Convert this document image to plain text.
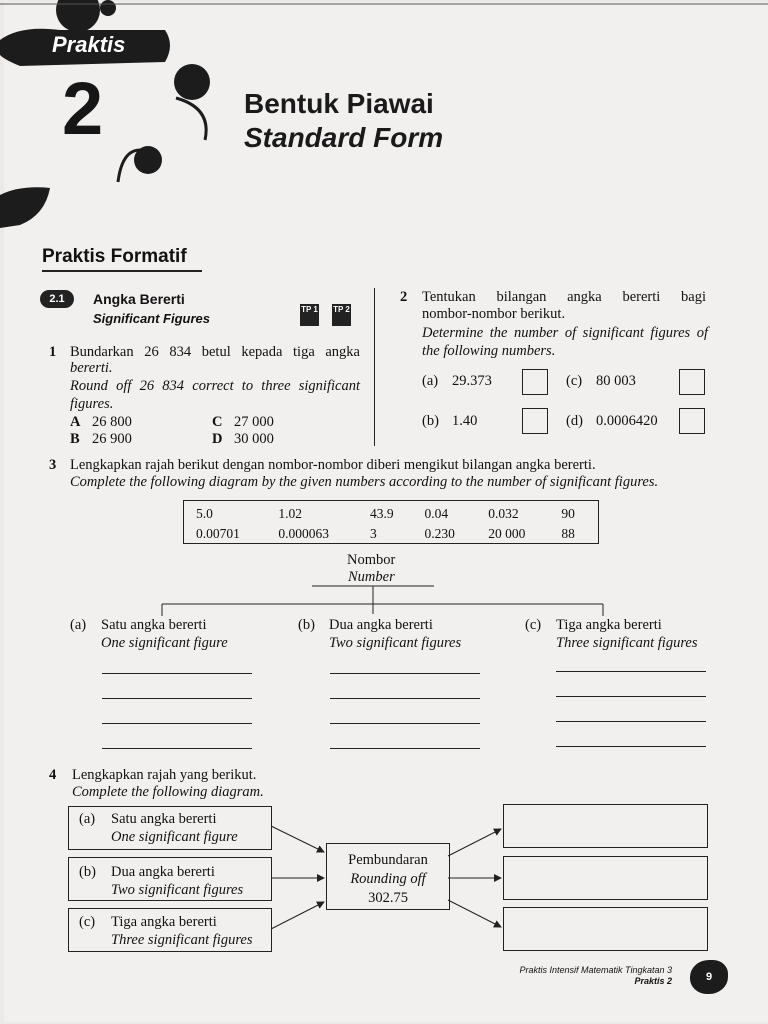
Praktis
2	Bentuk Piawai
Standard Form
Praktis Formatif
2.1	Angka Bererti
Significant Figures
TP 1 TP 2
1 Bundarkan 26 834 betul kepada tiga angka
bererti.
Round off 26 834 correct to three significant
figures.
A 26 800	C 27 000
B 26 900	D 30 000
2 Tentukan bilangan angka bererti bagi
nombor-nombor berikut.
Determine the number of significant figures of
the following numbers.
(a) 29.373	(c) 80 003
(b) 1.40	(d) 0.0006420
3 Lengkapkan rajah berikut dengan nombor-nombor diberi mengikut bilangan angka bererti.
Complete the following diagram by the given numbers according to the number of significant figures.
5.0	1.02	43.9	0.04	0.032	90
0.00701	0.000063	3	0.230	20 000	88
Nombor
Number
(a) Satu angka bererti
One significant figure
(b) Dua angka bererti
Two significant figures
(c) Tiga angka bererti
Three significant figures
4 Lengkapkan rajah yang berikut.
Complete the following diagram.
(a) Satu angka bererti
One significant figure
(b) Dua angka bererti
Two significant figures
(c) Tiga angka bererti
Three significant figures
Pembundaran
Rounding off
302.75
Praktis Intensif Matematik Tingkatan 3
Praktis 2	9
